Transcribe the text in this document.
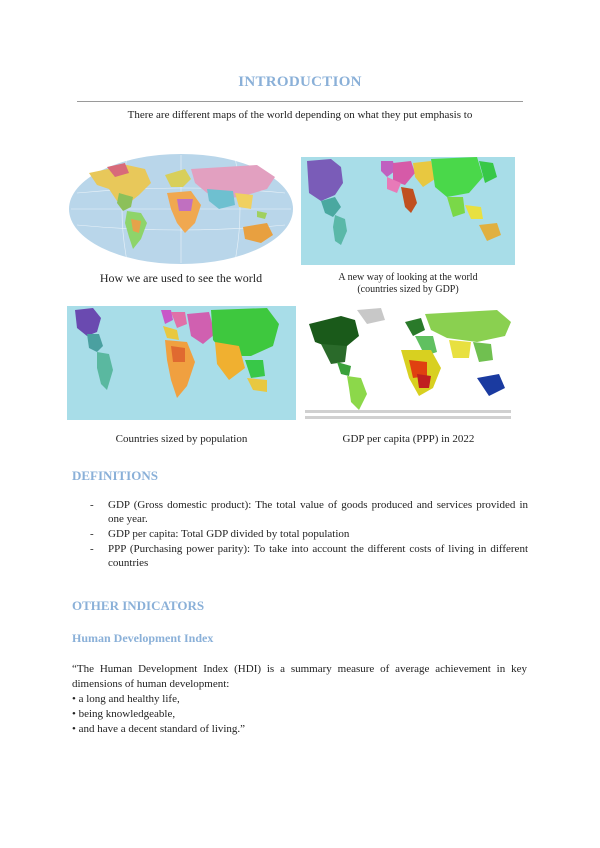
INTRODUCTION
There are different maps of the world depending on what they put emphasis to
How we are used to see the world	A new way of looking at the world
(countries sized by GDP)
Countries sized by population	GDP per capita (PPP) in 2022
DEFINITIONS
- GDP (Gross domestic product): The total value of goods produced and services provided in one year.
- GDP per capita: Total GDP divided by total population
- PPP (Purchasing power parity): To take into account the different costs of living in different countries
OTHER INDICATORS
Human Development Index

“The Human Development Index (HDI) is a summary measure of average achievement in key dimensions of human development:

• a long and healthy life,

• being knowledgeable,

• and have a decent standard of living.”
